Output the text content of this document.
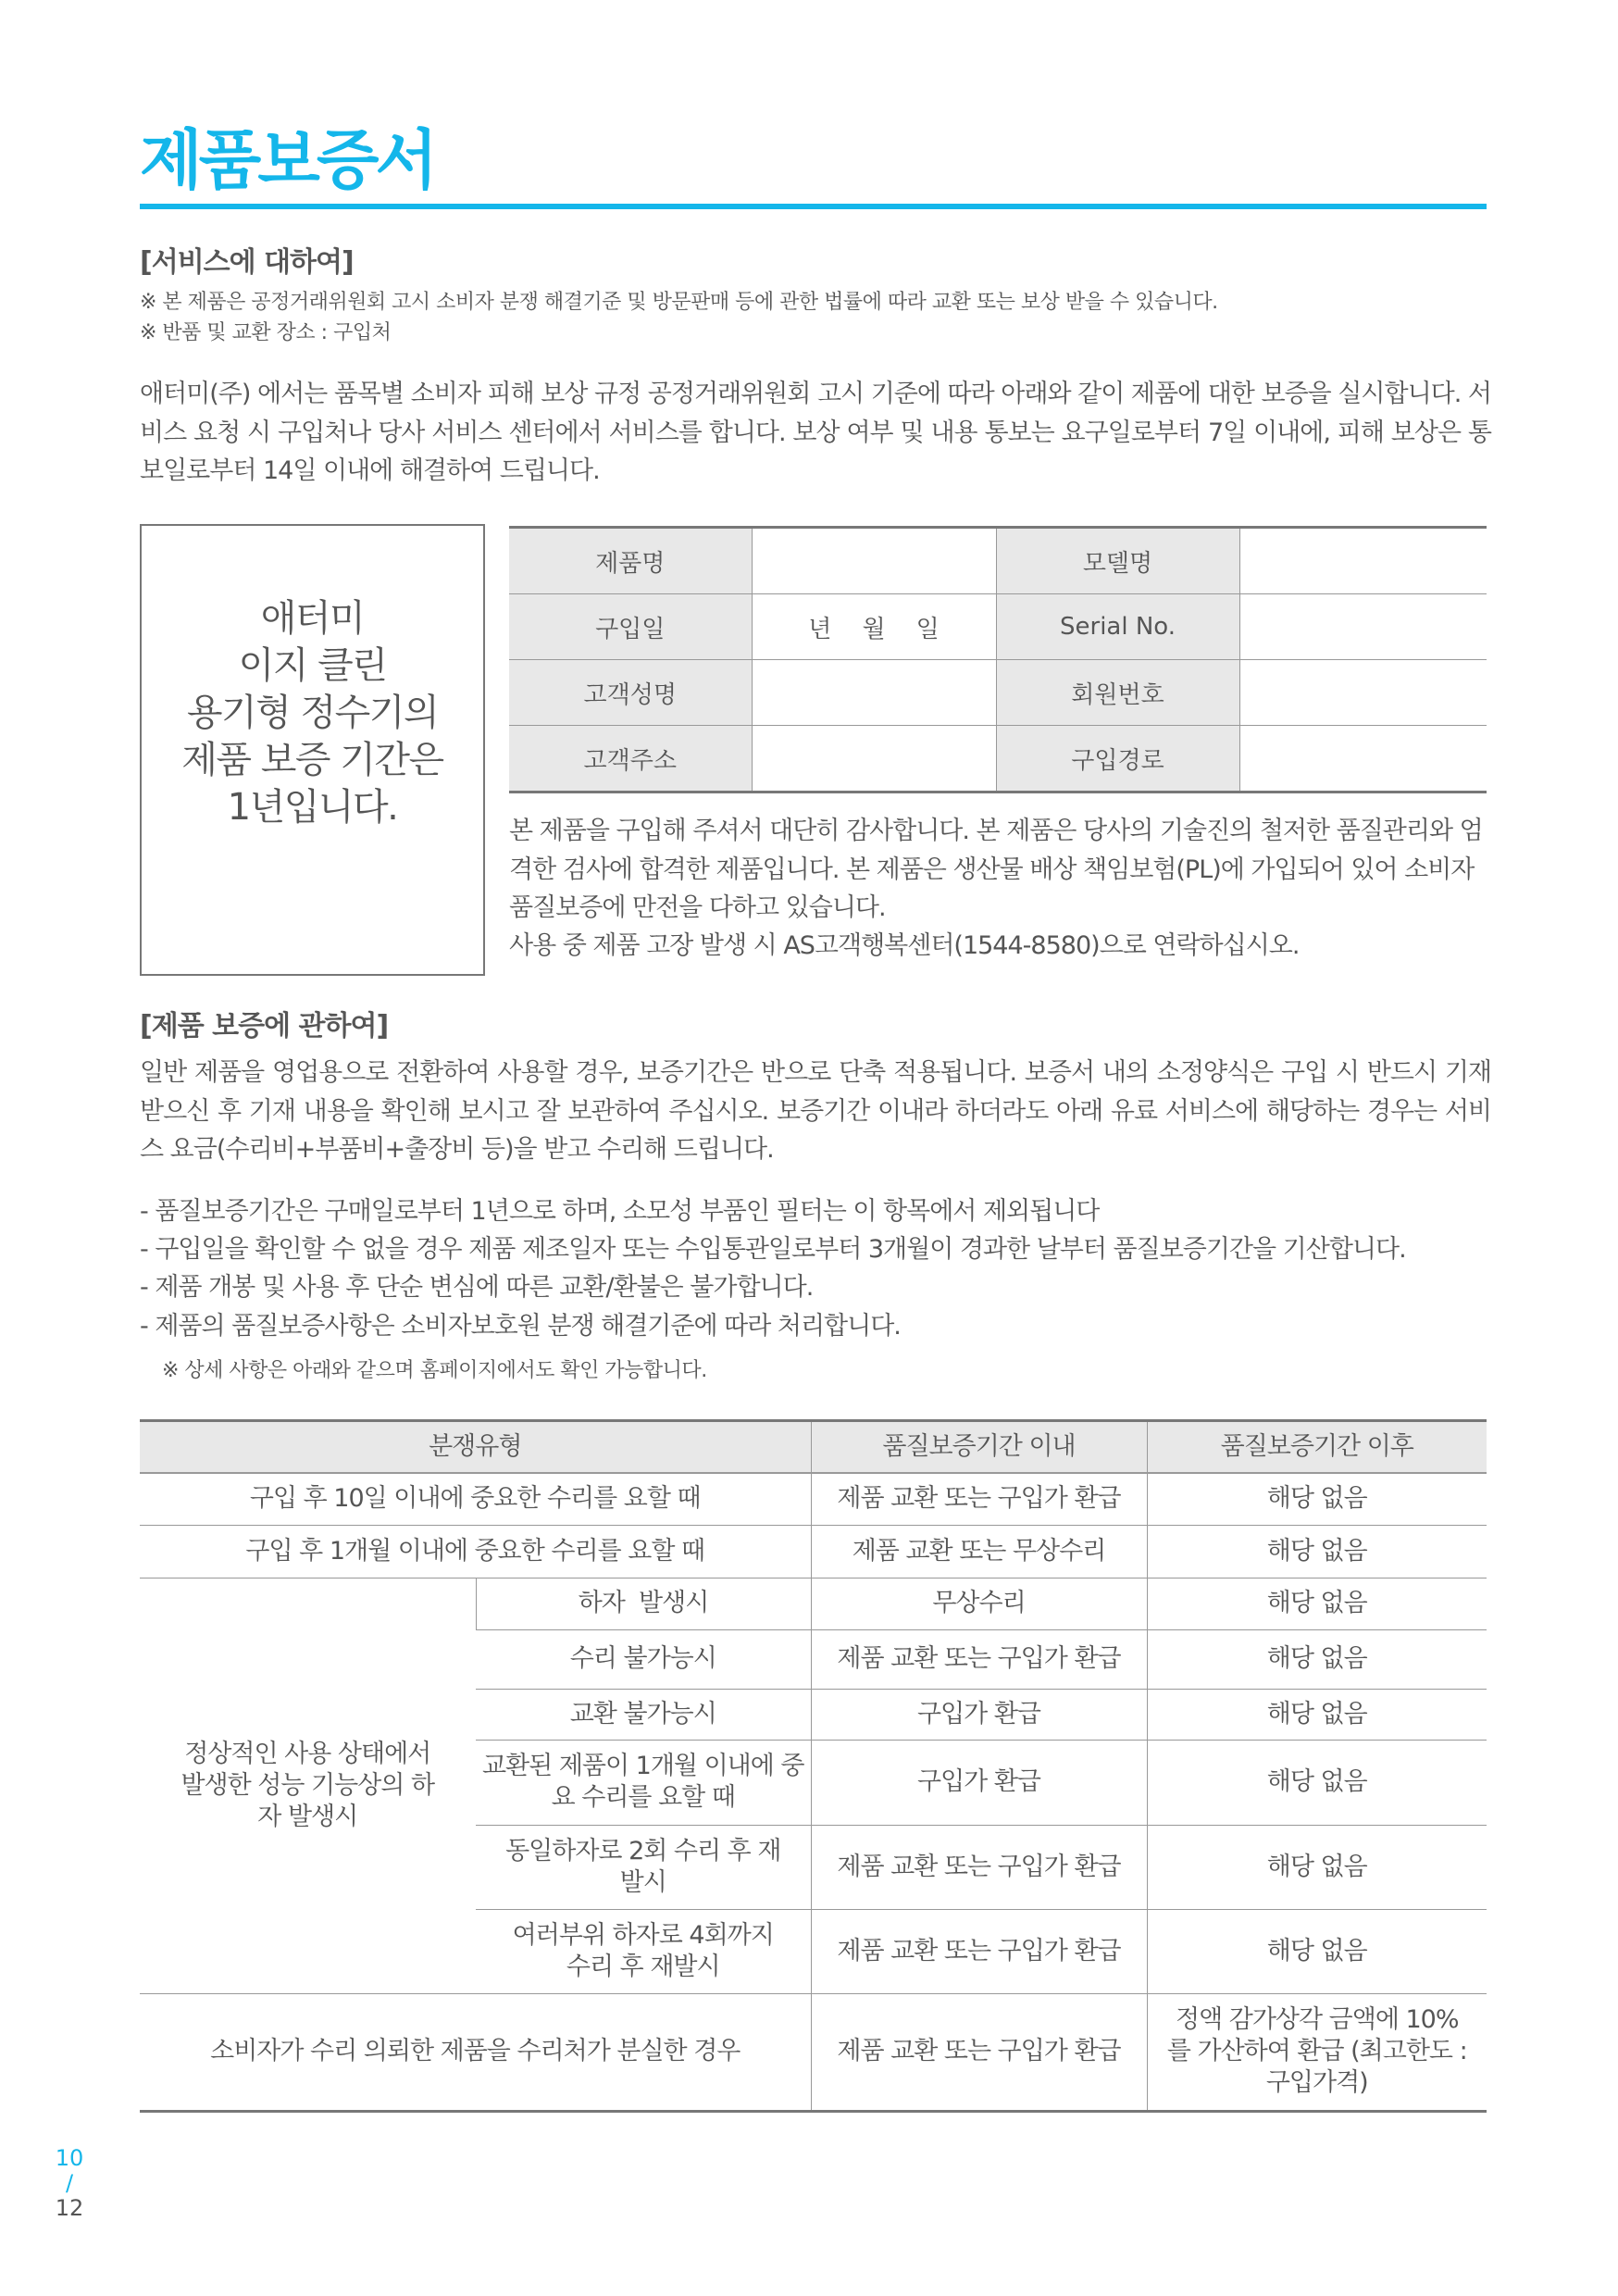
제품보증서
[서비스에 대하여]
※ 본 제품은 공정거래위원회 고시 소비자 분쟁 해결기준 및 방문판매 등에 관한 법률에 따라 교환 또는 보상 받을 수 있습니다.
※ 반품 및 교환 장소 : 구입처
애터미(주) 에서는 품목별 소비자 피해 보상 규정 공정거래위원회 고시 기준에 따라 아래와 같이 제품에 대한 보증을 실시합니다. 서비스 요청 시 구입처나 당사 서비스 센터에서 서비스를 합니다. 보상 여부 및 내용 통보는 요구일로부터 7일 이내에, 피해 보상은 통보일로부터 14일 이내에 해결하여 드립니다.
애터미
이지 클린
용기형 정수기의
제품 보증 기간은
1년입니다.
제품명		모델명	
구입일	년    월    일	Serial No.	
고객성명		회원번호	
고객주소		구입경로	
본 제품을 구입해 주셔서 대단히 감사합니다. 본 제품은 당사의 기술진의 철저한 품질관리와 엄격한 검사에 합격한 제품입니다. 본 제품은 생산물 배상 책임보험(PL)에 가입되어 있어 소비자 품질보증에 만전을 다하고 있습니다.
사용 중 제품 고장 발생 시 AS고객행복센터(1544-8580)으로 연락하십시오.
[제품 보증에 관하여]
일반 제품을 영업용으로 전환하여 사용할 경우, 보증기간은 반으로 단축 적용됩니다. 보증서 내의 소정양식은 구입 시 반드시 기재 받으신 후 기재 내용을 확인해 보시고 잘 보관하여 주십시오. 보증기간 이내라 하더라도 아래 유료 서비스에 해당하는 경우는 서비스 요금(수리비+부품비+출장비 등)을 받고 수리해 드립니다.
- 품질보증기간은 구매일로부터 1년으로 하며, 소모성 부품인 필터는 이 항목에서 제외됩니다
- 구입일을 확인할 수 없을 경우 제품 제조일자 또는 수입통관일로부터 3개월이 경과한 날부터 품질보증기간을 기산합니다.
- 제품 개봉 및 사용 후 단순 변심에 따른 교환/환불은 불가합니다.
- 제품의 품질보증사항은 소비자보호원 분쟁 해결기준에 따라 처리합니다.
※ 상세 사항은 아래와 같으며 홈페이지에서도 확인 가능합니다.
분쟁유형		품질보증기간 이내	품질보증기간 이후
구입 후 10일 이내에 중요한 수리를 요할 때		제품 교환 또는 구입가 환급	해당 없음
구입 후 1개월 이내에 중요한 수리를 요할 때		제품 교환 또는 무상수리	해당 없음
정상적인 사용 상태에서 발생한 성능 기능상의 하자 발생시	하자  발생시	무상수리	해당 없음
	수리 불가능시	제품 교환 또는 구입가 환급	해당 없음
	교환 불가능시	구입가 환급	해당 없음
	교환된 제품이 1개월 이내에 중요 수리를 요할 때	구입가 환급	해당 없음
	동일하자로 2회 수리 후 재발시	제품 교환 또는 구입가 환급	해당 없음
	여러부위 하자로 4회까지 수리 후 재발시	제품 교환 또는 구입가 환급	해당 없음
소비자가 수리 의뢰한 제품을 수리처가 분실한 경우		제품 교환 또는 구입가 환급	정액 감가상각 금액에 10%를 가산하여 환급 (최고한도 : 구입가격)
10
/
12
